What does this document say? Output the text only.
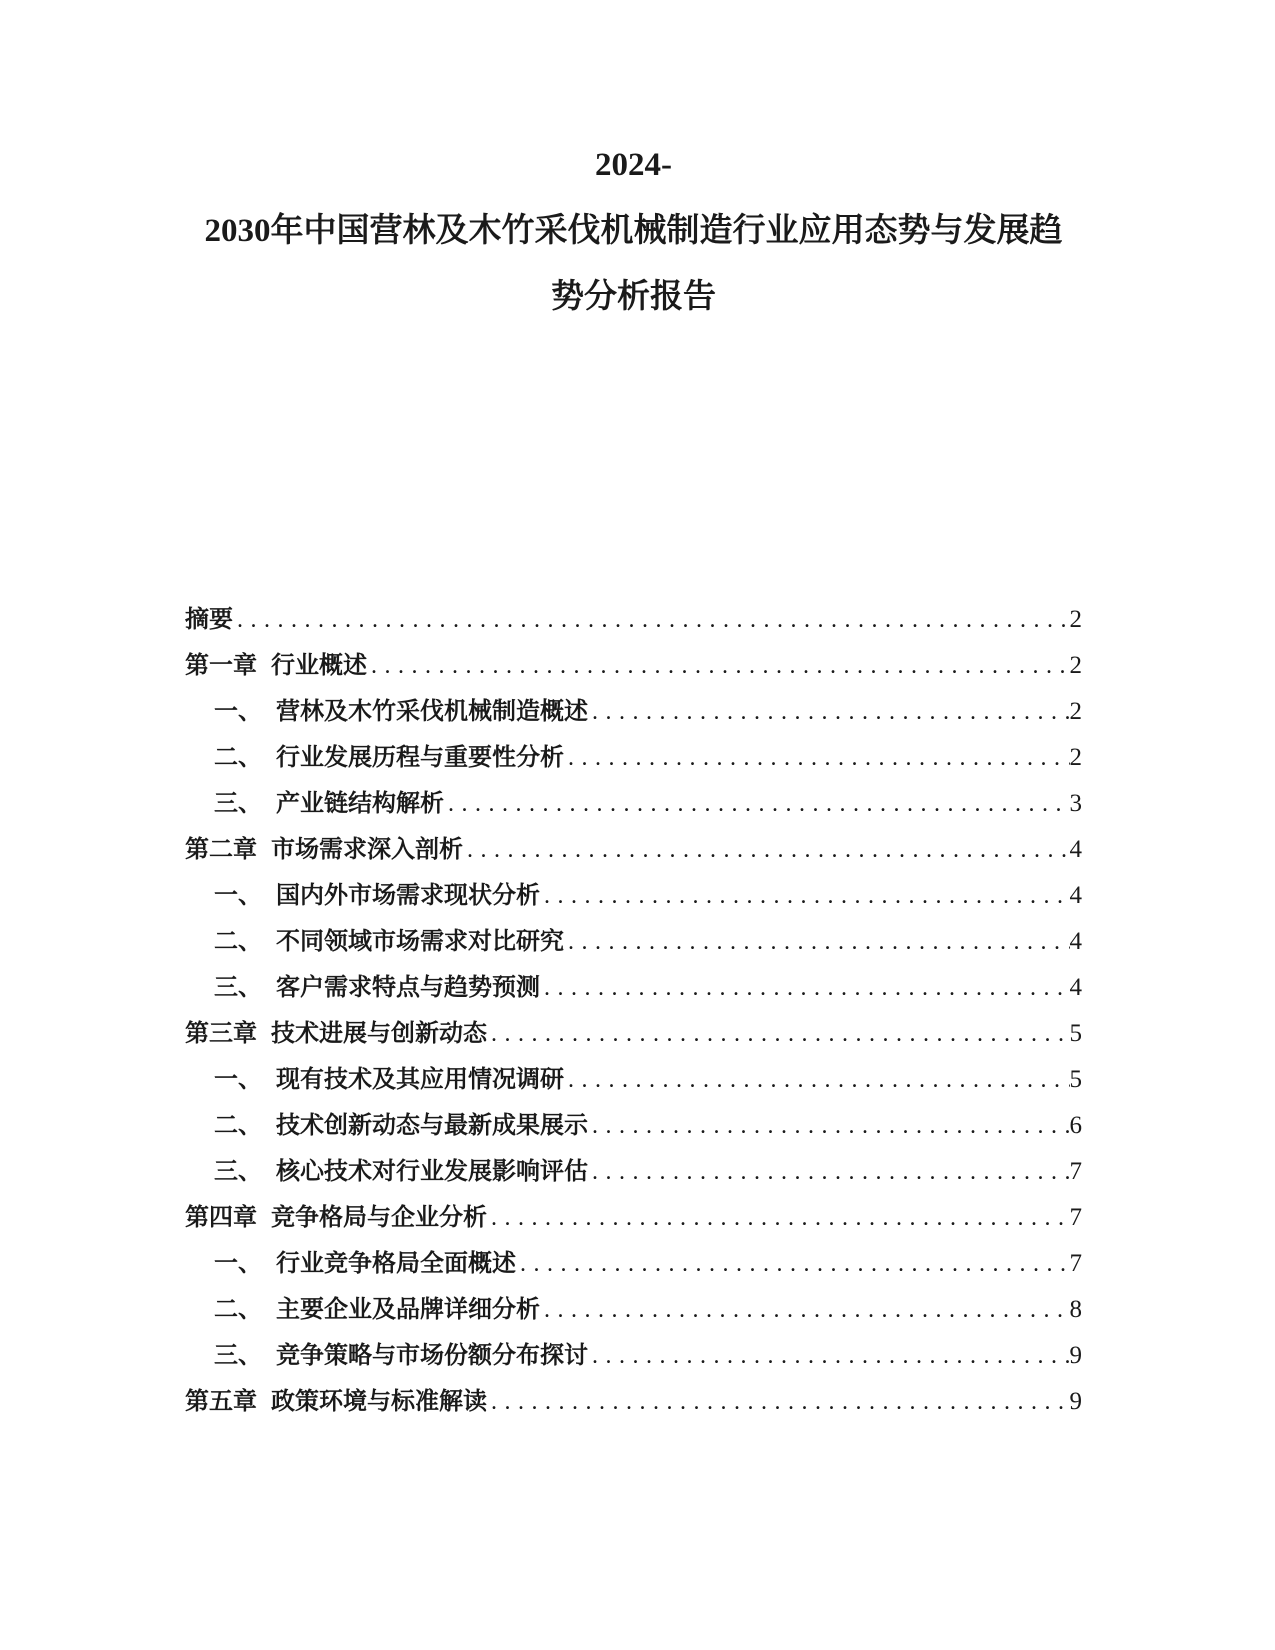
2024-
2030年中国营林及木竹采伐机械制造行业应用态势与发展趋
势分析报告
摘要 .....	2
第一章 行业概述 .....	2
一、 营林及木竹采伐机械制造概述 .....	2
二、 行业发展历程与重要性分析 .....	2
三、 产业链结构解析 .....	3
第二章 市场需求深入剖析 .....	4
一、 国内外市场需求现状分析 .....	4
二、 不同领域市场需求对比研究 .....	4
三、 客户需求特点与趋势预测 .....	4
第三章 技术进展与创新动态 .....	5
一、 现有技术及其应用情况调研 .....	5
二、 技术创新动态与最新成果展示 .....	6
三、 核心技术对行业发展影响评估 .....	7
第四章 竞争格局与企业分析 .....	7
一、 行业竞争格局全面概述 .....	7
二、 主要企业及品牌详细分析 .....	8
三、 竞争策略与市场份额分布探讨 .....	9
第五章 政策环境与标准解读 .....	9
